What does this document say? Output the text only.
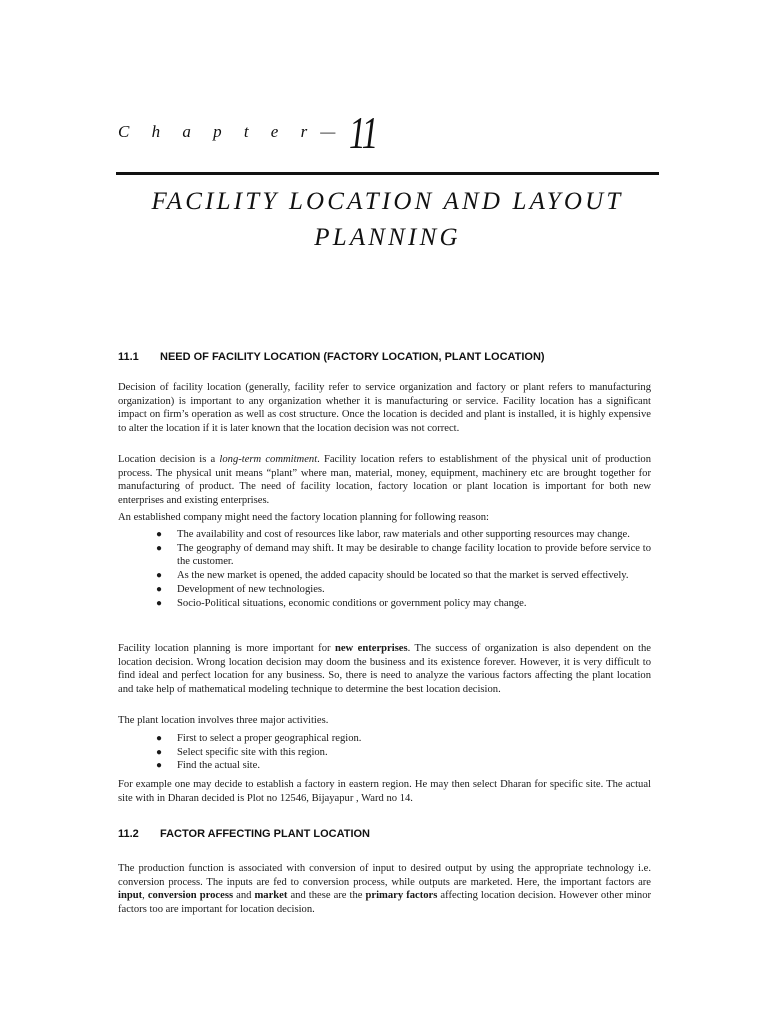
C h a p t e r — 11
FACILITY LOCATION AND LAYOUT
PLANNING
11.1	NEED OF FACILITY LOCATION (FACTORY LOCATION, PLANT LOCATION)

Decision of facility location (generally, facility refer to service organization and factory or plant refers to manufacturing organization) is important to any organization whether it is manufacturing or service. Facility location has a significant impact on firm’s operation as well as cost structure. Once the location is decided and plant is installed, it is highly expensive to alter the location if it is later known that the location decision was not correct.

Location decision is a long-term commitment. Facility location refers to establishment of the physical unit of production process. The physical unit means “plant” where man, material, money, equipment, machinery etc are brought together for manufacturing of product. The need of facility location, factory location or plant location is important for both new enterprises and existing enterprises.

An established company might need the factory location planning for following reason:

● The availability and cost of resources like labor, raw materials and other supporting resources may change.
● The geography of demand may shift. It may be desirable to change facility location to provide before service to the customer.
● As the new market is opened, the added capacity should be located so that the market is served effectively.
● Development of new technologies.
● Socio-Political situations, economic conditions or government policy may change.

Facility location planning is more important for new enterprises. The success of organization is also dependent on the location decision. Wrong location decision may doom the business and its existence forever. However, it is very difficult to find ideal and perfect location for any business. So, there is need to analyze the various factors affecting the plant location and take help of mathematical modeling technique to determine the best location decision.

The plant location involves three major activities.

● First to select a proper geographical region.
● Select specific site with this region.
● Find the actual site.

For example one may decide to establish a factory in eastern region. He may then select Dharan for specific site. The actual site with in Dharan decided is Plot no 12546, Bijayapur , Ward no 14.

11.2	FACTOR AFFECTING PLANT LOCATION

The production function is associated with conversion of input to desired output by using the appropriate technology i.e. conversion process. The inputs are fed to conversion process, while outputs are marketed. Here, the important factors are input, conversion process and market and these are the primary factors affecting location decision. However other minor factors too are important for location decision.
